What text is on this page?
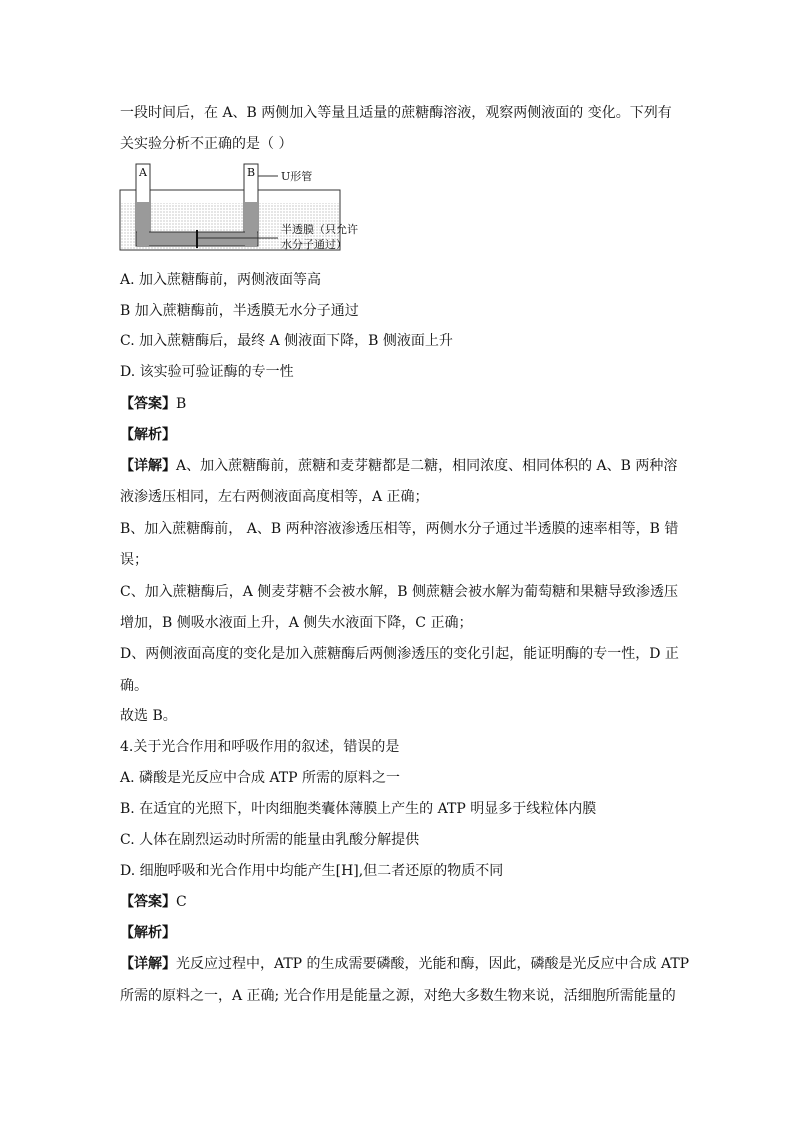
一段时间后，在 A、B 两侧加入等量且适量的蔗糖酶溶液，观察两侧液面的 变化。下列有
关实验分析不正确的是（ ）
A	B U形管
半透膜（只允许
水分子通过）
A. 加入蔗糖酶前，两侧液面等高
B 加入蔗糖酶前，半透膜无水分子通过
C. 加入蔗糖酶后，最终 A 侧液面下降，B 侧液面上升
D. 该实验可验证酶的专一性
【答案】B
【解析】
【详解】A、加入蔗糖酶前，蔗糖和麦芽糖都是二糖，相同浓度、相同体积的 A、B 两种溶
液渗透压相同，左右两侧液面高度相等，A 正确；
B、加入蔗糖酶前， A、B 两种溶液渗透压相等，两侧水分子通过半透膜的速率相等，B 错
误；
C、加入蔗糖酶后，A 侧麦芽糖不会被水解，B 侧蔗糖会被水解为葡萄糖和果糖导致渗透压
增加，B 侧吸水液面上升，A 侧失水液面下降，C 正确；
D、两侧液面高度的变化是加入蔗糖酶后两侧渗透压的变化引起，能证明酶的专一性，D 正
确。
故选 B。
4.关于光合作用和呼吸作用的叙述，错误的是
A. 磷酸是光反应中合成 ATP 所需的原料之一
B. 在适宜的光照下，叶肉细胞类囊体薄膜上产生的 ATP 明显多于线粒体内膜
C. 人体在剧烈运动时所需的能量由乳酸分解提供
D. 细胞呼吸和光合作用中均能产生[H],但二者还原的物质不同
【答案】C
【解析】
【详解】光反应过程中，ATP 的生成需要磷酸，光能和酶，因此，磷酸是光反应中合成 ATP
所需的原料之一，A 正确; 光合作用是能量之源，对绝大多数生物来说，活细胞所需能量的
